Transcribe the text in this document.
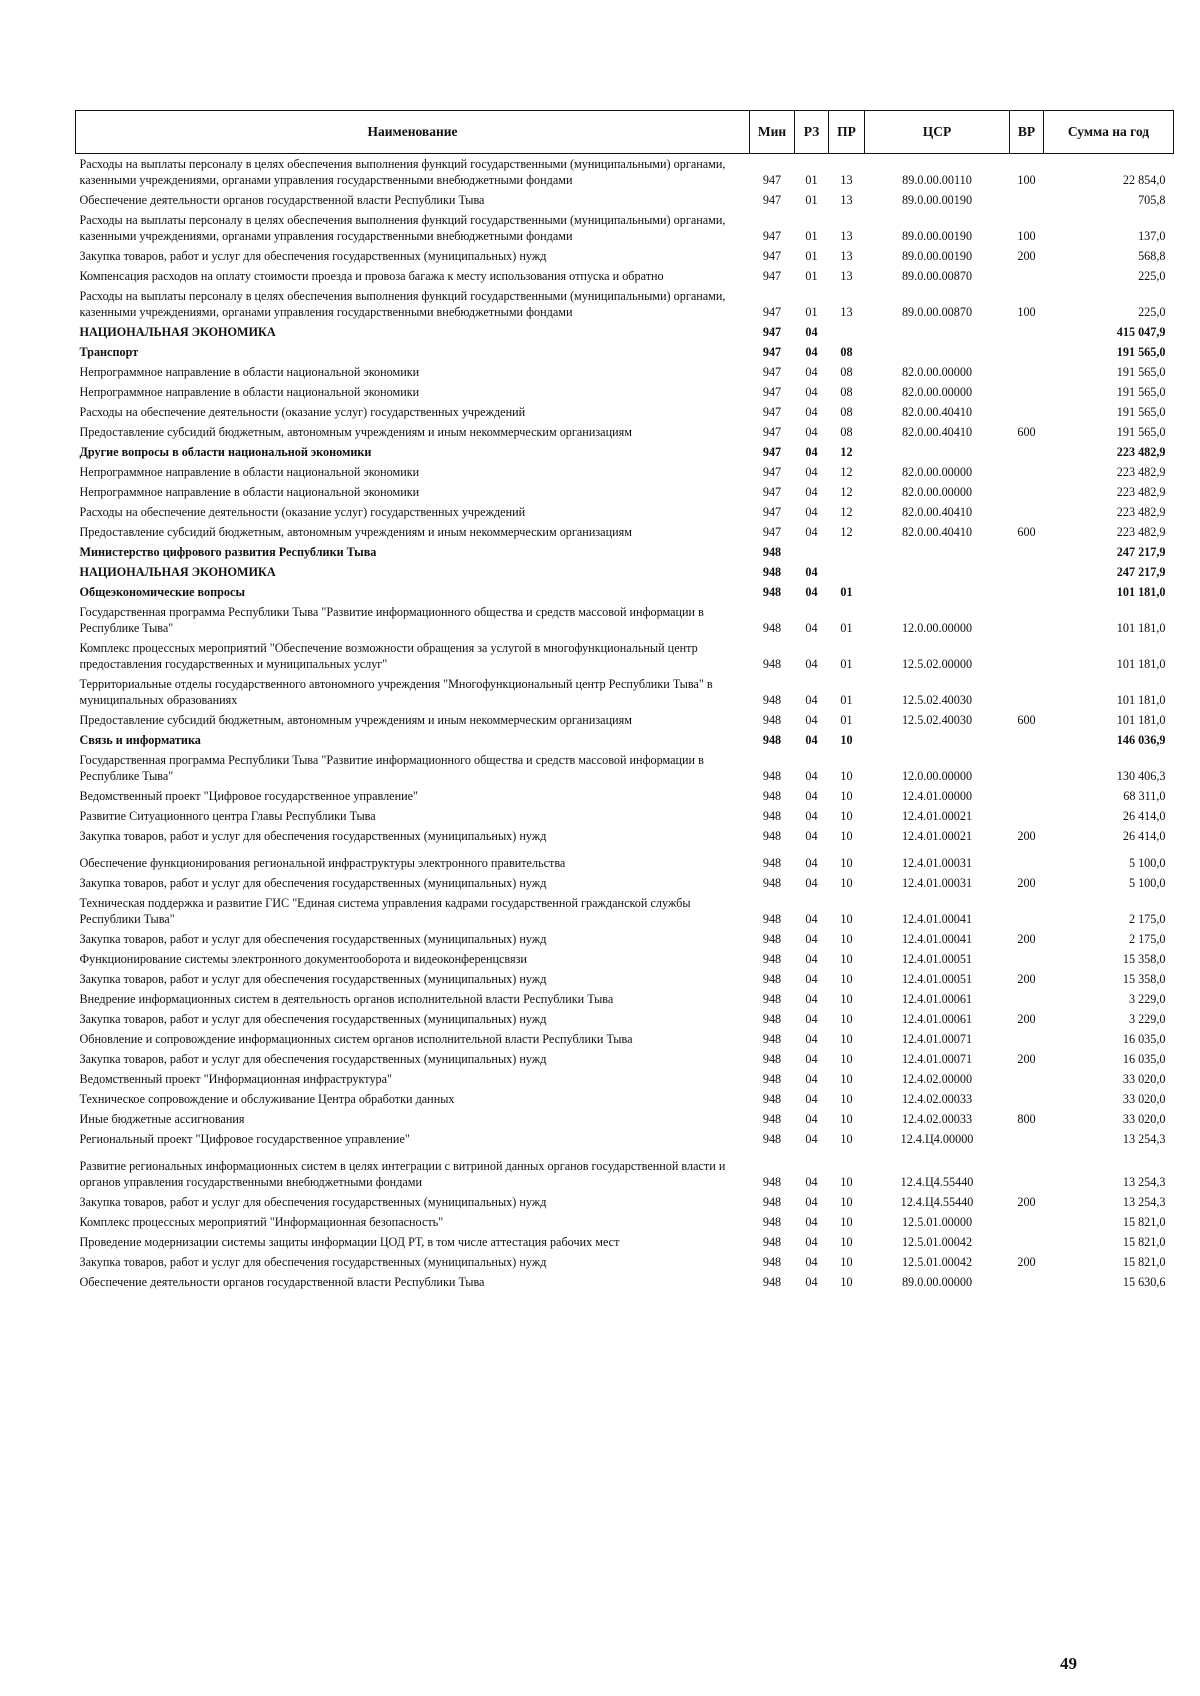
Наименование	Мин	РЗ	ПР	ЦСР	ВР	Сумма на год
Расходы на выплаты персоналу в целях обеспечения выполнения функций государственными (муниципальными) органами, казенными учреждениями, органами управления государственными внебюджетными фондами	947	01	13	89.0.00.00110	100	22 854,0
Обеспечение деятельности органов государственной власти Республики Тыва	947	01	13	89.0.00.00190		705,8
Расходы на выплаты персоналу в целях обеспечения выполнения функций государственными (муниципальными) органами, казенными учреждениями, органами управления государственными внебюджетными фондами	947	01	13	89.0.00.00190	100	137,0
Закупка товаров, работ и услуг для обеспечения государственных (муниципальных) нужд	947	01	13	89.0.00.00190	200	568,8
Компенсация расходов на оплату стоимости проезда и провоза багажа к месту использования отпуска и обратно	947	01	13	89.0.00.00870		225,0
Расходы на выплаты персоналу в целях обеспечения выполнения функций государственными (муниципальными) органами, казенными учреждениями, органами управления государственными внебюджетными фондами	947	01	13	89.0.00.00870	100	225,0
НАЦИОНАЛЬНАЯ ЭКОНОМИКА	947	04				415 047,9
Транспорт	947	04	08			191 565,0
Непрограммное направление в области национальной экономики	947	04	08	82.0.00.00000		191 565,0
Непрограммное направление в области национальной экономики	947	04	08	82.0.00.00000		191 565,0
Расходы на обеспечение деятельности (оказание услуг) государственных учреждений	947	04	08	82.0.00.40410		191 565,0
Предоставление субсидий бюджетным, автономным учреждениям и иным некоммерческим организациям	947	04	08	82.0.00.40410	600	191 565,0
Другие вопросы в области национальной экономики	947	04	12			223 482,9
Непрограммное направление в области национальной экономики	947	04	12	82.0.00.00000		223 482,9
Непрограммное направление в области национальной экономики	947	04	12	82.0.00.00000		223 482,9
Расходы на обеспечение деятельности (оказание услуг) государственных учреждений	947	04	12	82.0.00.40410		223 482,9
Предоставление субсидий бюджетным, автономным учреждениям и иным некоммерческим организациям	947	04	12	82.0.00.40410	600	223 482,9
Министерство цифрового развития Республики Тыва	948					247 217,9
НАЦИОНАЛЬНАЯ ЭКОНОМИКА	948	04				247 217,9
Общеэкономические вопросы	948	04	01			101 181,0
Государственная программа Республики Тыва "Развитие информационного общества и средств массовой информации в Республике Тыва"	948	04	01	12.0.00.00000		101 181,0
Комплекс процессных мероприятий "Обеспечение возможности обращения за услугой в многофункциональный центр предоставления государственных и муниципальных услуг"	948	04	01	12.5.02.00000		101 181,0
Территориальные отделы государственного автономного учреждения "Многофункциональный центр Республики Тыва" в муниципальных образованиях	948	04	01	12.5.02.40030		101 181,0
Предоставление субсидий бюджетным, автономным учреждениям и иным некоммерческим организациям	948	04	01	12.5.02.40030	600	101 181,0
Связь и информатика	948	04	10			146 036,9
Государственная программа Республики Тыва "Развитие информационного общества и средств массовой информации в Республике Тыва"	948	04	10	12.0.00.00000		130 406,3
Ведомственный проект "Цифровое государственное управление"	948	04	10	12.4.01.00000		68 311,0
Развитие Ситуационного центра Главы Республики Тыва	948	04	10	12.4.01.00021		26 414,0
Закупка товаров, работ и услуг для обеспечения государственных (муниципальных) нужд	948	04	10	12.4.01.00021	200	26 414,0
Обеспечение функционирования региональной инфраструктуры электронного правительства	948	04	10	12.4.01.00031		5 100,0
Закупка товаров, работ и услуг для обеспечения государственных (муниципальных) нужд	948	04	10	12.4.01.00031	200	5 100,0
Техническая поддержка и развитие ГИС "Единая система управления кадрами государственной гражданской службы Республики Тыва"	948	04	10	12.4.01.00041		2 175,0
Закупка товаров, работ и услуг для обеспечения государственных (муниципальных) нужд	948	04	10	12.4.01.00041	200	2 175,0
Функционирование системы электронного документооборота и видеоконференцсвязи	948	04	10	12.4.01.00051		15 358,0
Закупка товаров, работ и услуг для обеспечения государственных (муниципальных) нужд	948	04	10	12.4.01.00051	200	15 358,0
Внедрение информационных систем в деятельность органов исполнительной власти Республики Тыва	948	04	10	12.4.01.00061		3 229,0
Закупка товаров, работ и услуг для обеспечения государственных (муниципальных) нужд	948	04	10	12.4.01.00061	200	3 229,0
Обновление и сопровождение информационных систем органов исполнительной власти Республики Тыва	948	04	10	12.4.01.00071		16 035,0
Закупка товаров, работ и услуг для обеспечения государственных (муниципальных) нужд	948	04	10	12.4.01.00071	200	16 035,0
Ведомственный проект "Информационная инфраструктура"	948	04	10	12.4.02.00000		33 020,0
Техническое сопровождение и обслуживание Центра обработки данных	948	04	10	12.4.02.00033		33 020,0
Иные бюджетные ассигнования	948	04	10	12.4.02.00033	800	33 020,0
Региональный проект "Цифровое государственное управление"	948	04	10	12.4.Ц4.00000		13 254,3
Развитие региональных информационных систем в целях интеграции с витриной данных органов государственной власти и органов управления государственными внебюджетными фондами	948	04	10	12.4.Ц4.55440		13 254,3
Закупка товаров, работ и услуг для обеспечения государственных (муниципальных) нужд	948	04	10	12.4.Ц4.55440	200	13 254,3
Комплекс процессных мероприятий "Информационная безопасность"	948	04	10	12.5.01.00000		15 821,0
Проведение модернизации системы защиты информации ЦОД РТ, в том числе аттестация рабочих мест	948	04	10	12.5.01.00042		15 821,0
Закупка товаров, работ и услуг для обеспечения государственных (муниципальных) нужд	948	04	10	12.5.01.00042	200	15 821,0
Обеспечение деятельности органов государственной власти Республики Тыва	948	04	10	89.0.00.00000		15 630,6
49
